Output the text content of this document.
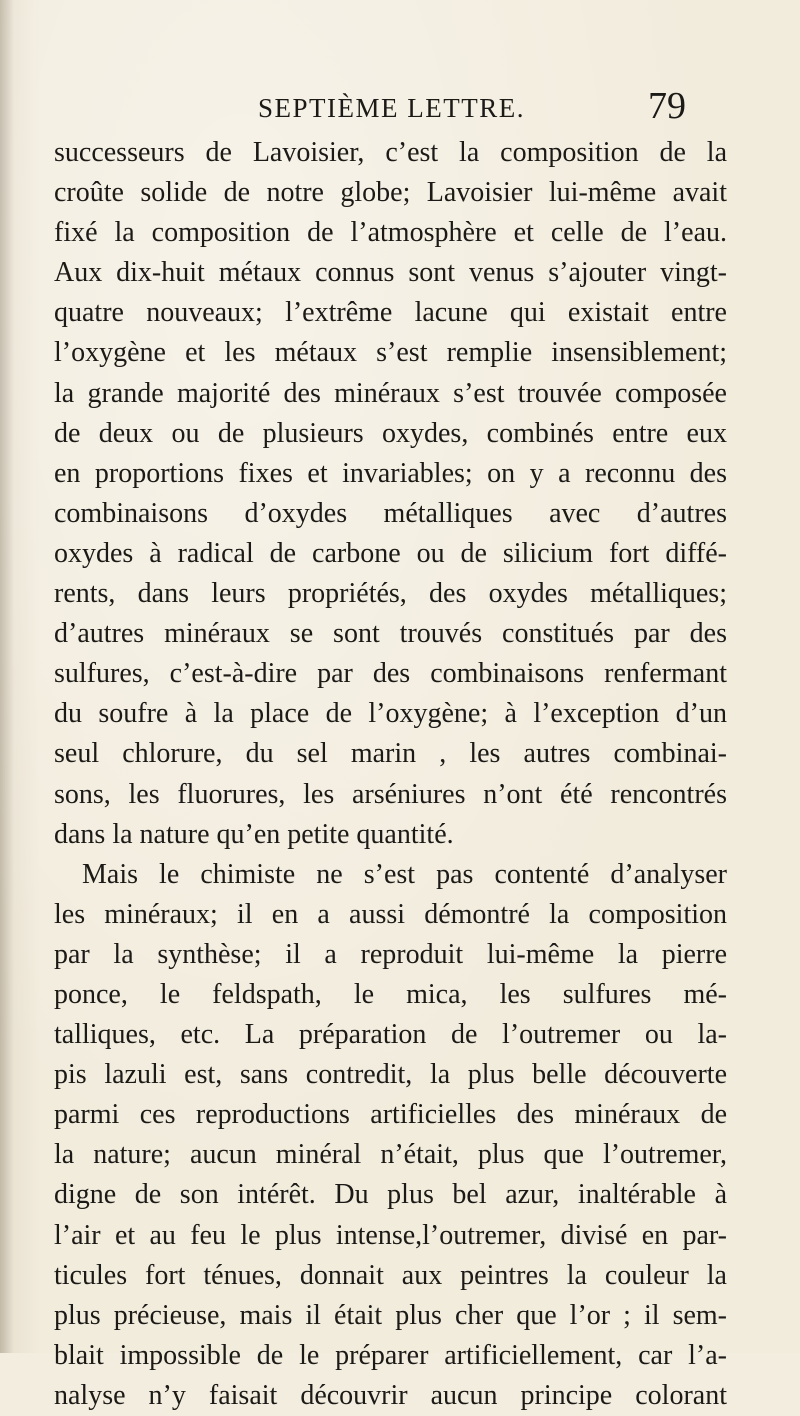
SEPTIÈME LETTRE.	79
successeurs de Lavoisier, c’est la composition de la
croûte solide de notre globe; Lavoisier lui-même avait
fixé la composition de l’atmosphère et celle de l’eau.
Aux dix-huit métaux connus sont venus s’ajouter vingt-
quatre nouveaux; l’extrême lacune qui existait entre
l’oxygène et les métaux s’est remplie insensiblement;
la grande majorité des minéraux s’est trouvée composée
de deux ou de plusieurs oxydes, combinés entre eux
en proportions fixes et invariables; on y a reconnu des
combinaisons d’oxydes métalliques avec d’autres
oxydes à radical de carbone ou de silicium fort diffé-
rents, dans leurs propriétés, des oxydes métalliques;
d’autres minéraux se sont trouvés constitués par des
sulfures, c’est-à-dire par des combinaisons renfermant
du soufre à la place de l’oxygène; à l’exception d’un
seul chlorure, du sel marin , les autres combinai-
sons, les fluorures, les arséniures n’ont été rencontrés
dans la nature qu’en petite quantité.
Mais le chimiste ne s’est pas contenté d’analyser
les minéraux; il en a aussi démontré la composition
par la synthèse; il a reproduit lui-même la pierre
ponce, le feldspath, le mica, les sulfures mé-
talliques, etc. La préparation de l’outremer ou la-
pis lazuli est, sans contredit, la plus belle découverte
parmi ces reproductions artificielles des minéraux de
la nature; aucun minéral n’était, plus que l’outremer,
digne de son intérêt. Du plus bel azur, inaltérable à
l’air et au feu le plus intense,l’outremer, divisé en par-
ticules fort ténues, donnait aux peintres la couleur la
plus précieuse, mais il était plus cher que l’or ; il sem-
blait impossible de le préparer artificiellement, car l’a-
nalyse n’y faisait découvrir aucun principe colorant
